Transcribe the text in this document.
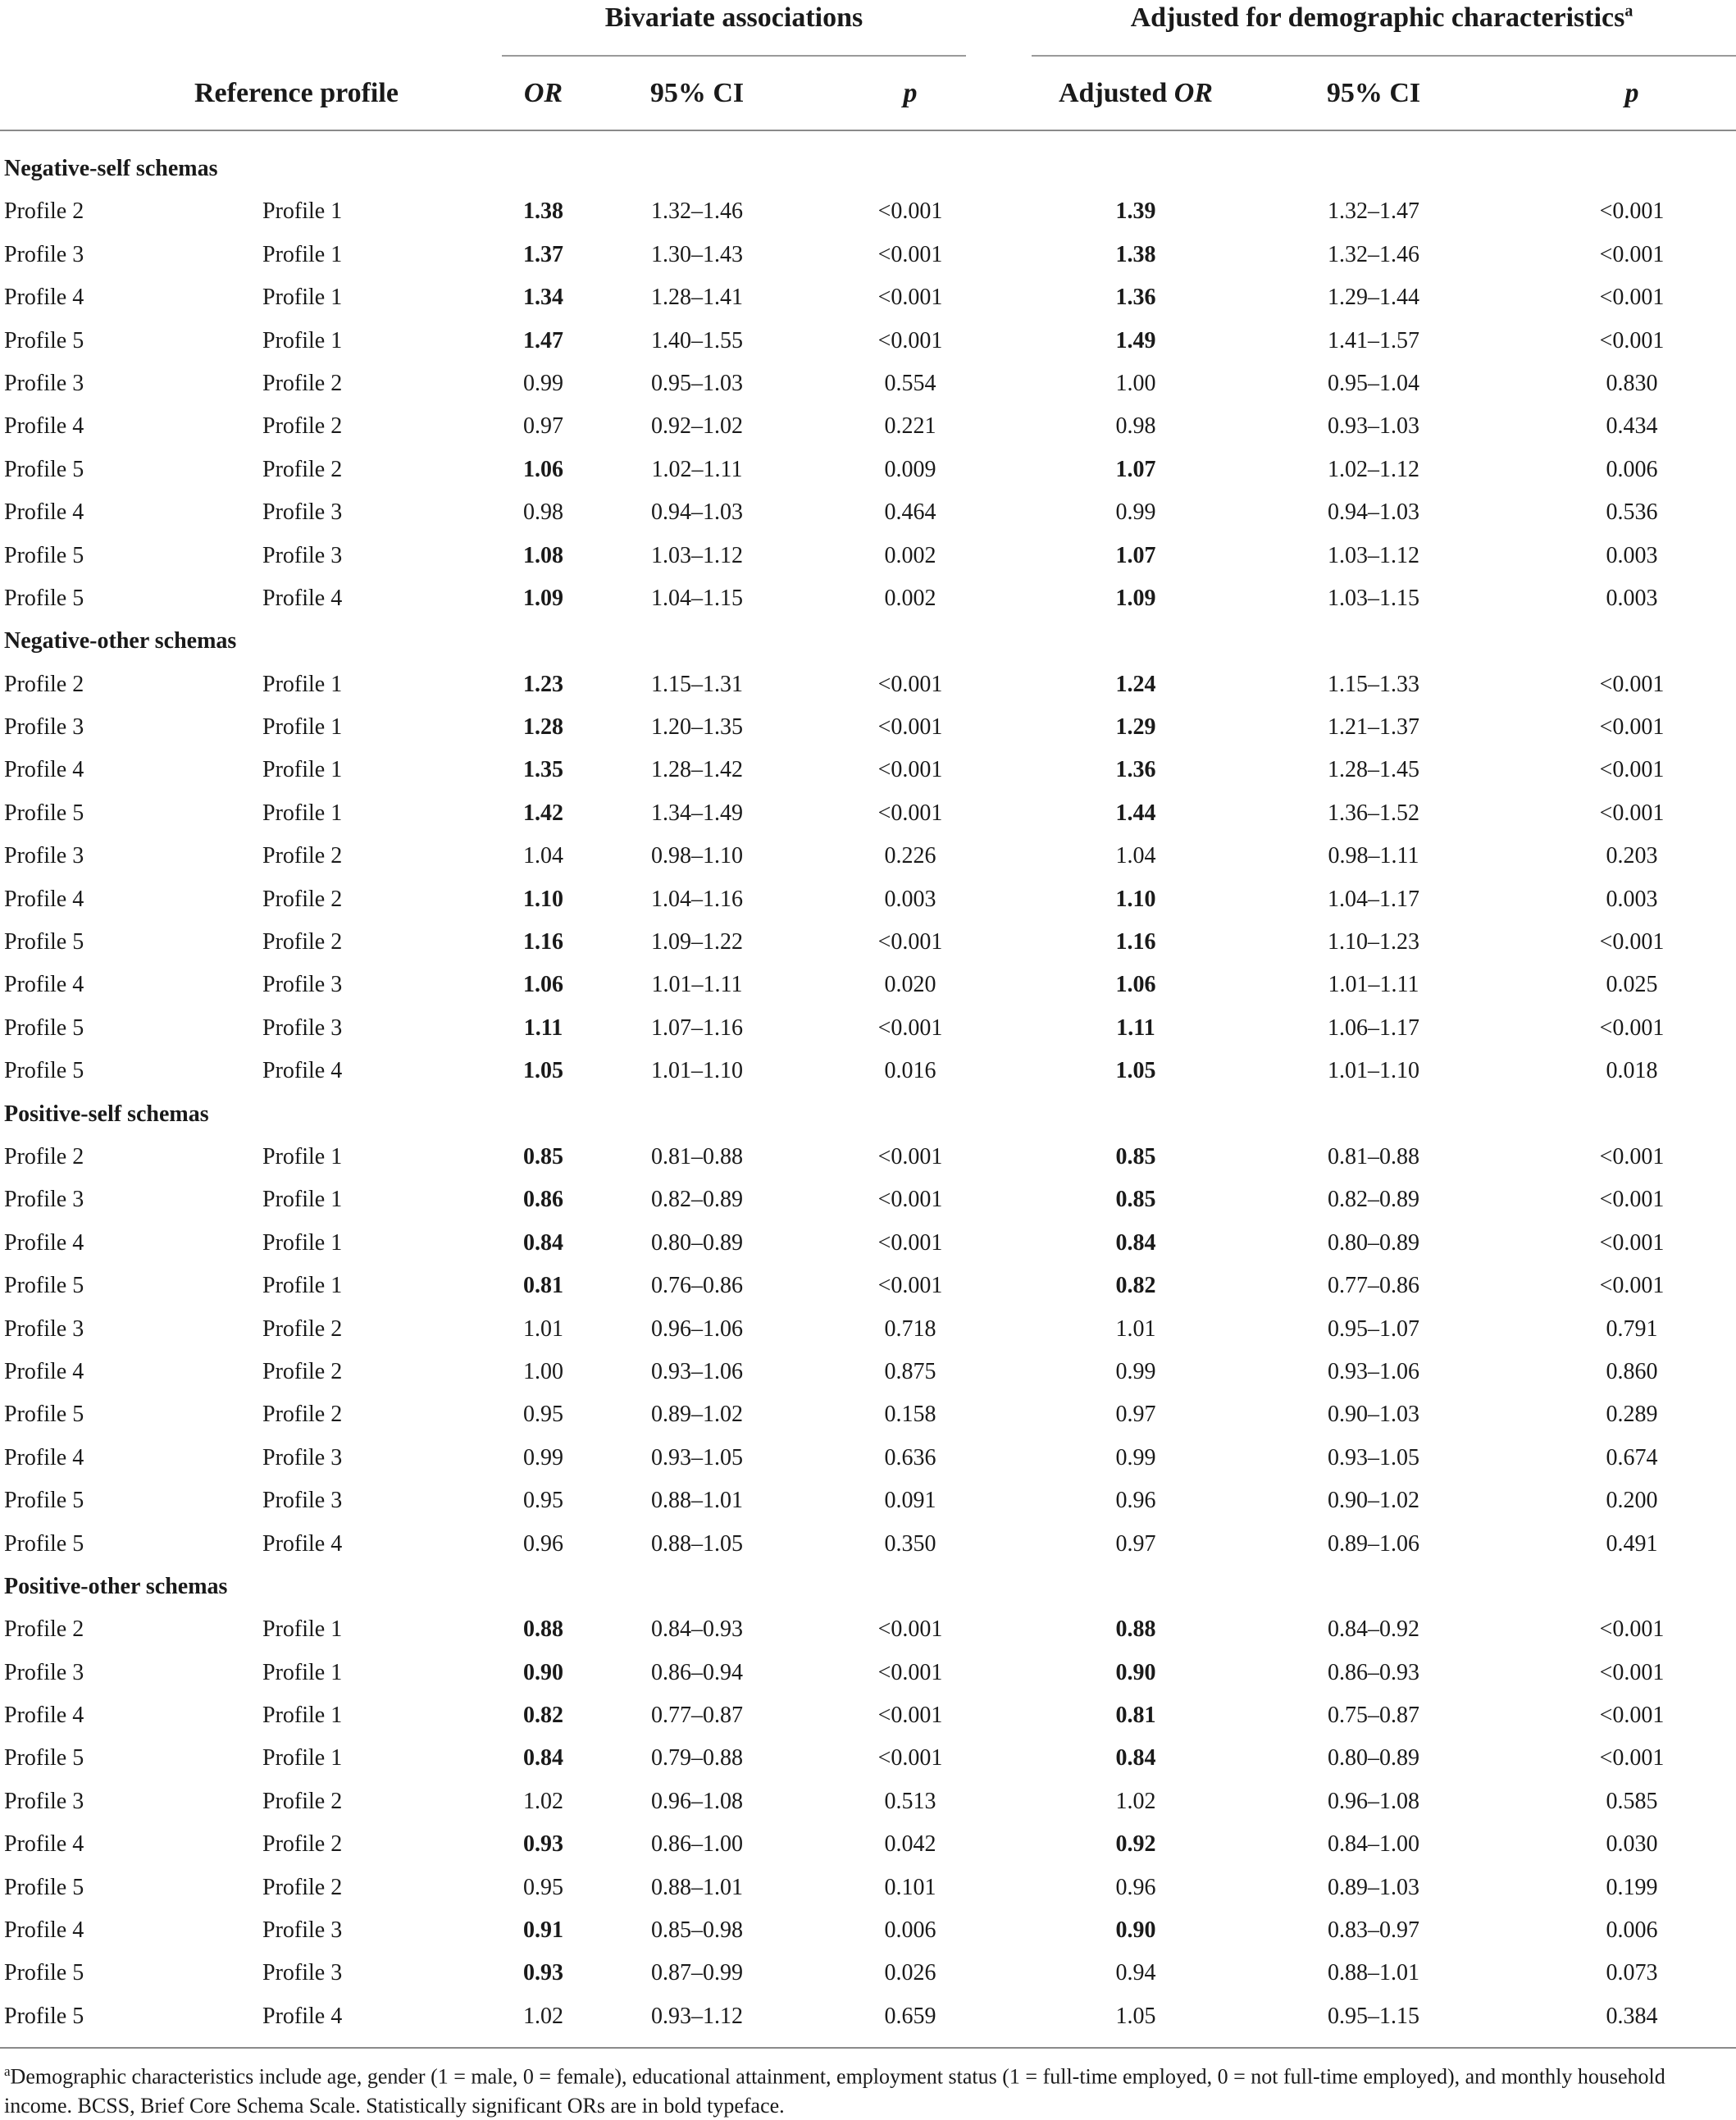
Bivariate associations	Adjusted for demographic characteristics$^a$
Reference profile	OR	95% CI	p	Adjusted OR	95% CI	p
Negative-self schemas
Profile 2	Profile 1	1.38	1.32–1.46	<0.001	1.39	1.32–1.47	<0.001
Profile 3	Profile 1	1.37	1.30–1.43	<0.001	1.38	1.32–1.46	<0.001
Profile 4	Profile 1	1.34	1.28–1.41	<0.001	1.36	1.29–1.44	<0.001
Profile 5	Profile 1	1.47	1.40–1.55	<0.001	1.49	1.41–1.57	<0.001
Profile 3	Profile 2	0.99	0.95–1.03	0.554	1.00	0.95–1.04	0.830
Profile 4	Profile 2	0.97	0.92–1.02	0.221	0.98	0.93–1.03	0.434
Profile 5	Profile 2	1.06	1.02–1.11	0.009	1.07	1.02–1.12	0.006
Profile 4	Profile 3	0.98	0.94–1.03	0.464	0.99	0.94–1.03	0.536
Profile 5	Profile 3	1.08	1.03–1.12	0.002	1.07	1.03–1.12	0.003
Profile 5	Profile 4	1.09	1.04–1.15	0.002	1.09	1.03–1.15	0.003
Negative-other schemas
Profile 2	Profile 1	1.23	1.15–1.31	<0.001	1.24	1.15–1.33	<0.001
Profile 3	Profile 1	1.28	1.20–1.35	<0.001	1.29	1.21–1.37	<0.001
Profile 4	Profile 1	1.35	1.28–1.42	<0.001	1.36	1.28–1.45	<0.001
Profile 5	Profile 1	1.42	1.34–1.49	<0.001	1.44	1.36–1.52	<0.001
Profile 3	Profile 2	1.04	0.98–1.10	0.226	1.04	0.98–1.11	0.203
Profile 4	Profile 2	1.10	1.04–1.16	0.003	1.10	1.04–1.17	0.003
Profile 5	Profile 2	1.16	1.09–1.22	<0.001	1.16	1.10–1.23	<0.001
Profile 4	Profile 3	1.06	1.01–1.11	0.020	1.06	1.01–1.11	0.025
Profile 5	Profile 3	1.11	1.07–1.16	<0.001	1.11	1.06–1.17	<0.001
Profile 5	Profile 4	1.05	1.01–1.10	0.016	1.05	1.01–1.10	0.018
Positive-self schemas
Profile 2	Profile 1	0.85	0.81–0.88	<0.001	0.85	0.81–0.88	<0.001
Profile 3	Profile 1	0.86	0.82–0.89	<0.001	0.85	0.82–0.89	<0.001
Profile 4	Profile 1	0.84	0.80–0.89	<0.001	0.84	0.80–0.89	<0.001
Profile 5	Profile 1	0.81	0.76–0.86	<0.001	0.82	0.77–0.86	<0.001
Profile 3	Profile 2	1.01	0.96–1.06	0.718	1.01	0.95–1.07	0.791
Profile 4	Profile 2	1.00	0.93–1.06	0.875	0.99	0.93–1.06	0.860
Profile 5	Profile 2	0.95	0.89–1.02	0.158	0.97	0.90–1.03	0.289
Profile 4	Profile 3	0.99	0.93–1.05	0.636	0.99	0.93–1.05	0.674
Profile 5	Profile 3	0.95	0.88–1.01	0.091	0.96	0.90–1.02	0.200
Profile 5	Profile 4	0.96	0.88–1.05	0.350	0.97	0.89–1.06	0.491
Positive-other schemas
Profile 2	Profile 1	0.88	0.84–0.93	<0.001	0.88	0.84–0.92	<0.001
Profile 3	Profile 1	0.90	0.86–0.94	<0.001	0.90	0.86–0.93	<0.001
Profile 4	Profile 1	0.82	0.77–0.87	<0.001	0.81	0.75–0.87	<0.001
Profile 5	Profile 1	0.84	0.79–0.88	<0.001	0.84	0.80–0.89	<0.001
Profile 3	Profile 2	1.02	0.96–1.08	0.513	1.02	0.96–1.08	0.585
Profile 4	Profile 2	0.93	0.86–1.00	0.042	0.92	0.84–1.00	0.030
Profile 5	Profile 2	0.95	0.88–1.01	0.101	0.96	0.89–1.03	0.199
Profile 4	Profile 3	0.91	0.85–0.98	0.006	0.90	0.83–0.97	0.006
Profile 5	Profile 3	0.93	0.87–0.99	0.026	0.94	0.88–1.01	0.073
Profile 5	Profile 4	1.02	0.93–1.12	0.659	1.05	0.95–1.15	0.384
$^a$Demographic characteristics include age, gender (1 = male, 0 = female), educational attainment, employment status (1 = full-time employed, 0 = not full-time employed), and monthly household income. BCSS, Brief Core Schema Scale. Statistically significant ORs are in bold typeface.
